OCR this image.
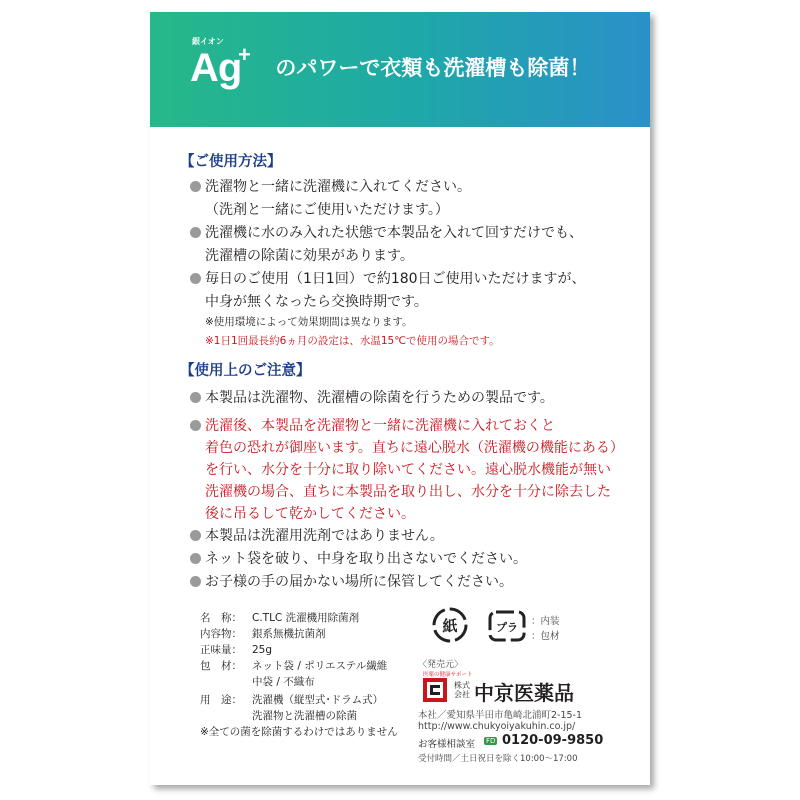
Ag
銀イオン
+
のパワーで衣類も洗濯槽も除菌！
【ご使用方法】
洗濯物と一緒に洗濯機に入れてください。
（洗剤と一緒にご使用いただけます。）
洗濯機に水のみ入れた状態で本製品を入れて回すだけでも、
洗濯槽の除菌に効果があります。
毎日のご使用（1日1回）で約180日ご使用いただけますが、
中身が無くなったら交換時期です。
※使用環境によって効果期間は異なります。
※1日1回最長約6ヵ月の設定は、水温15℃で使用の場合です。
【使用上のご注意】
本製品は洗濯物、洗濯槽の除菌を行うための製品です。
洗濯後、本製品を洗濯物と一緒に洗濯機に入れておくと
着色の恐れが御座います。直ちに遠心脱水（洗濯機の機能にある）
を行い、水分を十分に取り除いてください。遠心脱水機能が無い
洗濯機の場合、直ちに本製品を取り出し、水分を十分に除去した
後に吊るして乾かしてください。
本製品は洗濯用洗剤ではありません。
ネット袋を破り、中身を取り出さないでください。
お子様の手の届かない場所に保管してください。
名　称： C.TLC 洗濯機用除菌剤
内容物： 銀系無機抗菌剤
正味量： 25g
包　材： ネット袋 / ポリエステル繊維
中袋 / 不織布
用　途： 洗濯機（縦型式･ドラム式）
洗濯物と洗濯槽の除菌
※全ての菌を除菌するわけではありません
紙	プラ ：内装
：包材
〈発売元〉
医薬の健康サポート
株式
会社 中京医薬品
本社／愛知県半田市亀崎北浦町2-15-1
http://www.chukyoiyakuhin.co.jp/
お客様相談室 FD 0120-09-9850
受付時間／土日祝日を除く10:00～17:00
